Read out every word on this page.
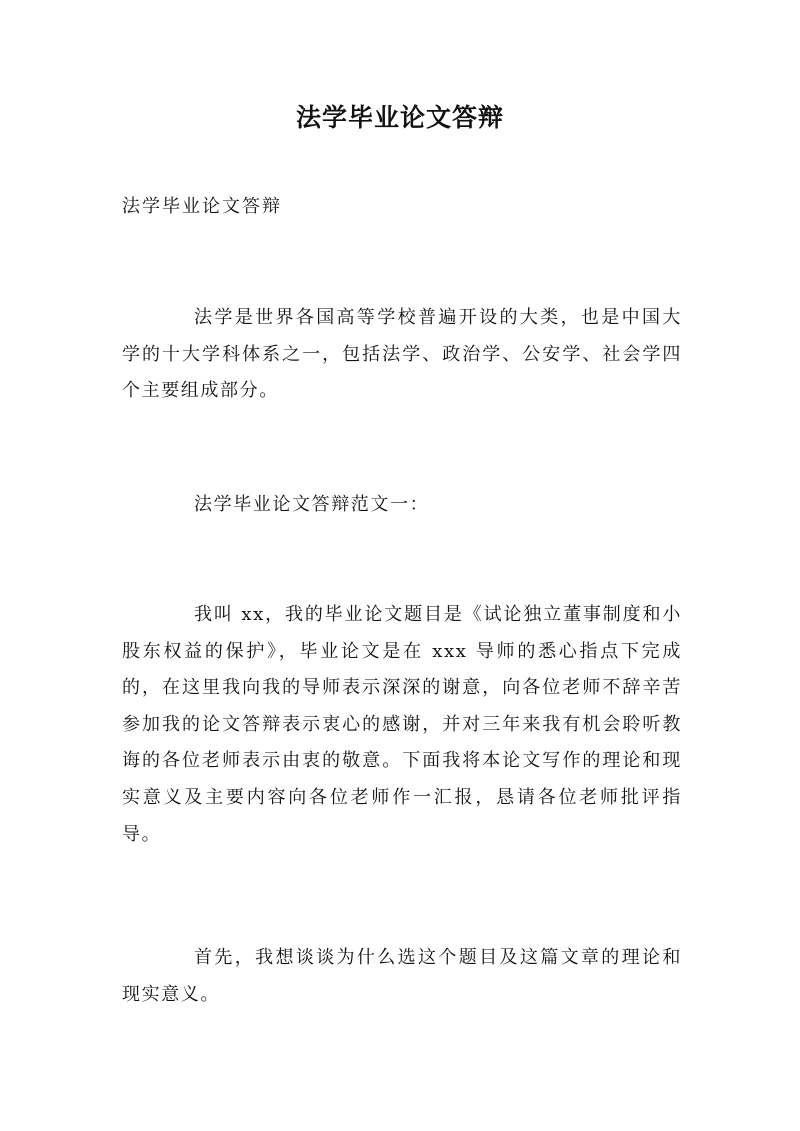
法学毕业论文答辩
法学毕业论文答辩
法学是世界各国高等学校普遍开设的大类，也是中国大学的十大学科体系之一，包括法学、政治学、公安学、社会学四个主要组成部分。
法学毕业论文答辩范文一：
我叫 xx，我的毕业论文题目是《试论独立董事制度和小股东权益的保护》，毕业论文是在 xxx 导师的悉心指点下完成的，在这里我向我的导师表示深深的谢意，向各位老师不辞辛苦参加我的论文答辩表示衷心的感谢，并对三年来我有机会聆听教诲的各位老师表示由衷的敬意。下面我将本论文写作的理论和现实意义及主要内容向各位老师作一汇报，恳请各位老师批评指导。
首先，我想谈谈为什么选这个题目及这篇文章的理论和现实意义。
